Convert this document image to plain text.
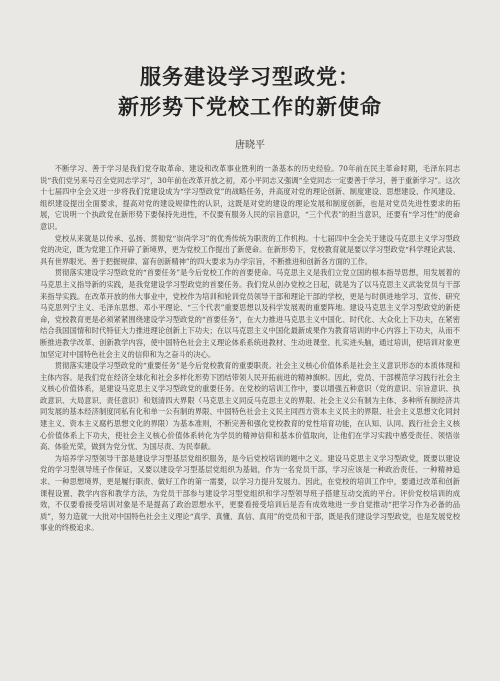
服务建设学习型政党：
新形势下党校工作的新使命
唐晓平

不断学习、善于学习是我们党夺取革命、建设和改革事业胜利的一条基本的历史经验。70年前在民主革命时期，毛泽东同志说“我们党另来号召全党同志学习”，30年前在改革开放之初，邓小平同志又强调“全党同志一定要善于学习，善于重新学习”。这次十七届四中全会又进一步将我们党建设成为“学习型政党”的战略任务，并高度对党的理论创新、制度建设、思想建设、作风建设、组织建设提出全面要求，提高对党的建设规律性的认识，这既是对党的建设的理论发展和制度创新，也是对党员先进性要求的拓展，它说明一个执政党在新形势下要保持先进性，不仅要有服务人民的宗旨意识，“三个代表”的担当意识，还要有“学习性”的使命意识。

党校从来就是以传承、弘扬、贯彻党“崇尚学习”的优秀传统为职责的工作机构。十七届四中全会关于建设马克思主义学习型政党的决定，既为党建工作开辟了新境界，更为党校工作提出了新使命。在新形势下，党校教育就是要以学习型政党“科学理论武装、具有世界眼光、善于把握规律、富有创新精神”的四大要求为办学宗旨，不断推进和创新各方面的工作。

贯彻落实建设学习型政党的“首要任务”是今后党校工作的首要使命。马克思主义是我们立党立国的根本指导思想，用发展着的马克思主义指导新的实践，是我党建设学习型政党的首要任务。我们党从创办党校之日起，就是为了以马克思主义武装党员与干部来指导实践。在改革开放的伟大事业中，党校作为培训和轮训党员领导干部和理论干部的学校，更是与时俱进地学习、宣传、研究马克思列宁主义、毛泽东思想、邓小平理论、“三个代表”重要思想以及科学发展观的重要阵地。建设马克思主义学习型政党的新使命，党校教育更是必须紧紧围绕建设学习型政党的“首要任务”，在大力推进马克思主义中国化、时代化、大众化上下功夫，在紧密结合我国国情和时代特征大力推进理论创新上下功夫；在以马克思主义中国化最新成果作为教育培训的中心内容上下功夫，从而不断推进教学改革、创新教学内容，使中国特色社会主义理论体系系统进教材、生动进课堂、扎实进头脑，通过培训，使培训对象更加坚定对中国特色社会主义的信仰和为之奋斗的决心。

贯彻落实建设学习型政党的“重要任务”是今后党校教育的重要职责。社会主义核心价值体系是社会主义意识形态的本质体现和主体内容。是我们党在经济全球化和社会多样化形势下团结带领人民开拓前进的精神旗帜。因此，党员、干部模范学习践行社会主义核心价值体系，是建设马克思主义学习型政党的重要任务。在党校的培训工作中，要以增强五种意识（党的意识、宗旨意识、执政意识、大局意识、责任意识）和划清四大界限（马克思主义同反马克思主义的界限、社会主义公有制为主体、多种所有制经济共同发展的基本经济制度同私有化和单一公有制的界限、中国特色社会主义民主同西方资本主义民主的界限、社会主义思想文化同封建主义、资本主义腐朽思想文化的界限）为基本准则，不断完善和强化党校教育的党性培育功能，在认知、认同、践行社会主义核心价值体系上下功夫，使社会主义核心价值体系转化为学员的精神信仰和基本价值取向，让他们在学习实践中感受责任、领悟崇高、体验光荣，做到为党分忧、为国尽责、为民奉献。

为培养学习型领导干部是建设学习型基层党组织服务，是今后党校培训的题中之义。建设马克思主义学习型政党，既要以建设党的学习型领导班子作保证，又要以建设学习型基层党组织为基础，作为一名党员干部，学习应该是一种政治责任、一种精神追求、一种思想境界，更是履行职责、做好工作的第一需要，以学习力提升发展力。因此，在党校的培训工作中，要通过改革和创新课程设置、教学内容和教学方法，为党员干部参与建设学习型党组织和学习型领导班子搭建互动交流的平台。评价党校培训的成效，不仅要看接受培训对象是不是提高了政治思想水平，更要看接受培训后是否有成效地进一步自觉推动“把学习作为必备的品质”，努力造就一大批对中国特色社会主义理论“真学、真懂、真信、真用”的党员和干部，既是我们建设学习型政党，也是发展党校事业的终极追求。
